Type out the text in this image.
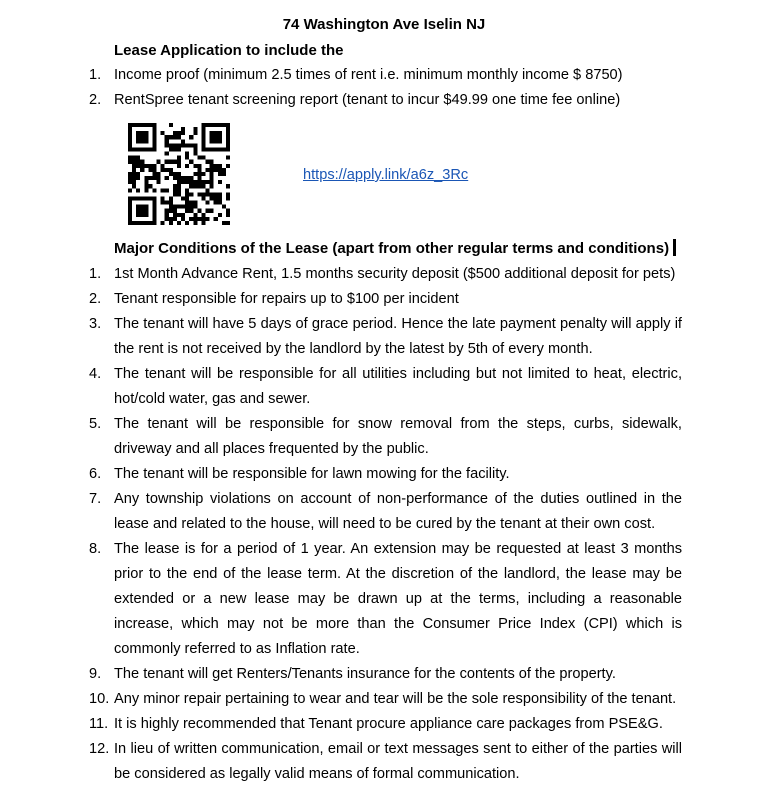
74 Washington Ave Iselin NJ
Lease Application to include the
1. Income proof (minimum 2.5 times of rent i.e. minimum monthly income $ 8750)
2. RentSpree tenant screening report (tenant to incur $49.99 one time fee online)
https://apply.link/a6z_3Rc
Major Conditions of the Lease (apart from other regular terms and conditions)
1. 1st Month Advance Rent, 1.5 months security deposit ($500 additional deposit for pets)
2. Tenant responsible for repairs up to $100 per incident
3. The tenant will have 5 days of grace period. Hence the late payment penalty will apply if the rent is not received by the landlord by the latest by 5th of every month.
4. The tenant will be responsible for all utilities including but not limited to heat, electric, hot/cold water, gas and sewer.
5. The tenant will be responsible for snow removal from the steps, curbs, sidewalk, driveway and all places frequented by the public.
6. The tenant will be responsible for lawn mowing for the facility.
7. Any township violations on account of non-performance of the duties outlined in the lease and related to the house, will need to be cured by the tenant at their own cost.
8. The lease is for a period of 1 year. An extension may be requested at least 3 months prior to the end of the lease term. At the discretion of the landlord, the lease may be extended or a new lease may be drawn up at the terms, including a reasonable increase, which may not be more than the Consumer Price Index (CPI) which is commonly referred to as Inflation rate.
9. The tenant will get Renters/Tenants insurance for the contents of the property.
10. Any minor repair pertaining to wear and tear will be the sole responsibility of the tenant.
11. It is highly recommended that Tenant procure appliance care packages from PSE&G.
12. In lieu of written communication, email or text messages sent to either of the parties will be considered as legally valid means of formal communication.
